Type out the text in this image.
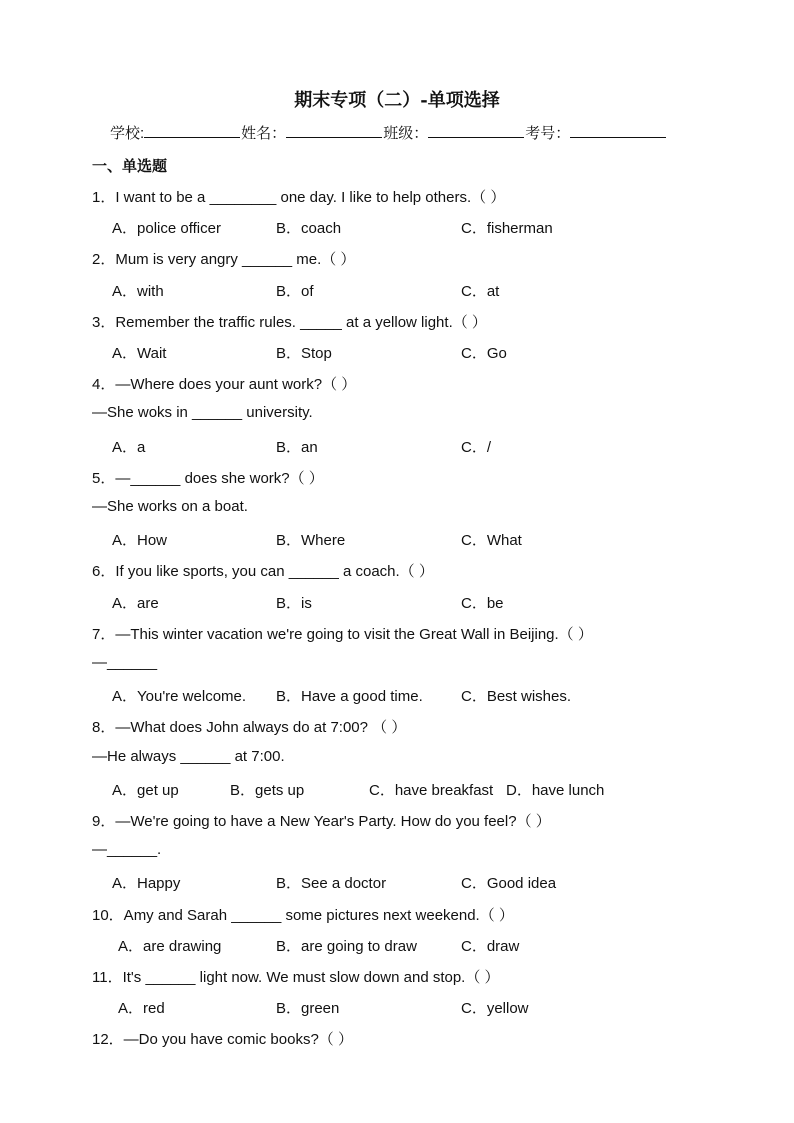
期末专项（二）-单项选择
学校:	姓名：	班级：	考号：
一、单选题
1．I want to be a ________ one day. I like to help others.（ ）
A．police officer	B．coach	C．fisherman
2．Mum is very angry ______ me.（ ）
A．with	B．of	C．at
3．Remember the traffic rules. _____ at a yellow light.（ ）
A．Wait	B．Stop	C．Go
4．—Where does your aunt work?（ ）
—She woks in ______ university.
A．a	B．an	C．/
5．—______ does she work?（ ）
—She works on a boat.
A．How	B．Where	C．What
6．If you like sports, you can ______ a coach.（ ）
A．are	B．is	C．be
7．—This winter vacation we're going to visit the Great Wall in Beijing.（ ）
—______
A．You're welcome. B．Have a good time.	C．Best wishes.
8．—What does John always do at 7:00? （ ）
—He always ______ at 7:00.
A．get up	B．gets up	C．have breakfast D．have lunch
9．—We're going to have a New Year's Party. How do you feel?（ ）
—______.
A．Happy	B．See a doctor	C．Good idea
10．Amy and Sarah ______ some pictures next weekend.（ ）
A．are drawing	B．are going to draw	C．draw
11．It's ______ light now. We must slow down and stop.（ ）
A．red	B．green	C．yellow
12．—Do you have comic books?（ ）
